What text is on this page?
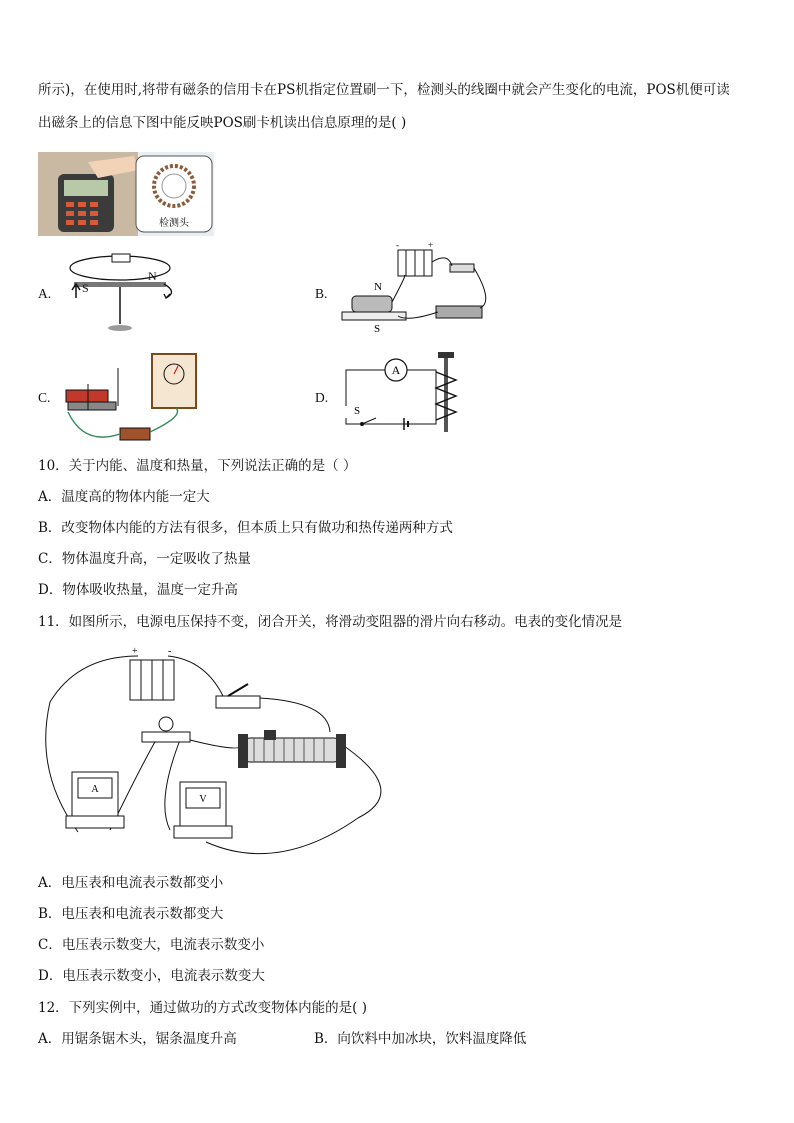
所示)，在使用时,将带有磁条的信用卡在PS机指定位置刷一下，检测头的线圈中就会产生变化的电流，POS机便可读
出磁条上的信息下图中能反映POS刷卡机读出信息原理的是( )
检测头
A.	S
N
B.
-	+
N
S
C.	D.
A
S
10．关于内能、温度和热量，下列说法正确的是（ ）
A．温度高的物体内能一定大
B．改变物体内能的方法有很多，但本质上只有做功和热传递两种方式
C．物体温度升高，一定吸收了热量
D．物体吸收热量，温度一定升高
11．如图所示，电源电压保持不变，闭合开关，将滑动变阻器的滑片向右移动。电表的变化情况是
+	-
A
V
A．电压表和电流表示数都变小
B．电压表和电流表示数都变大
C．电压表示数变大，电流表示数变小
D．电压表示数变小，电流表示数变大
12．下列实例中，通过做功的方式改变物体内能的是( )
A．用锯条锯木头，锯条温度升高	B．向饮料中加冰块，饮料温度降低
